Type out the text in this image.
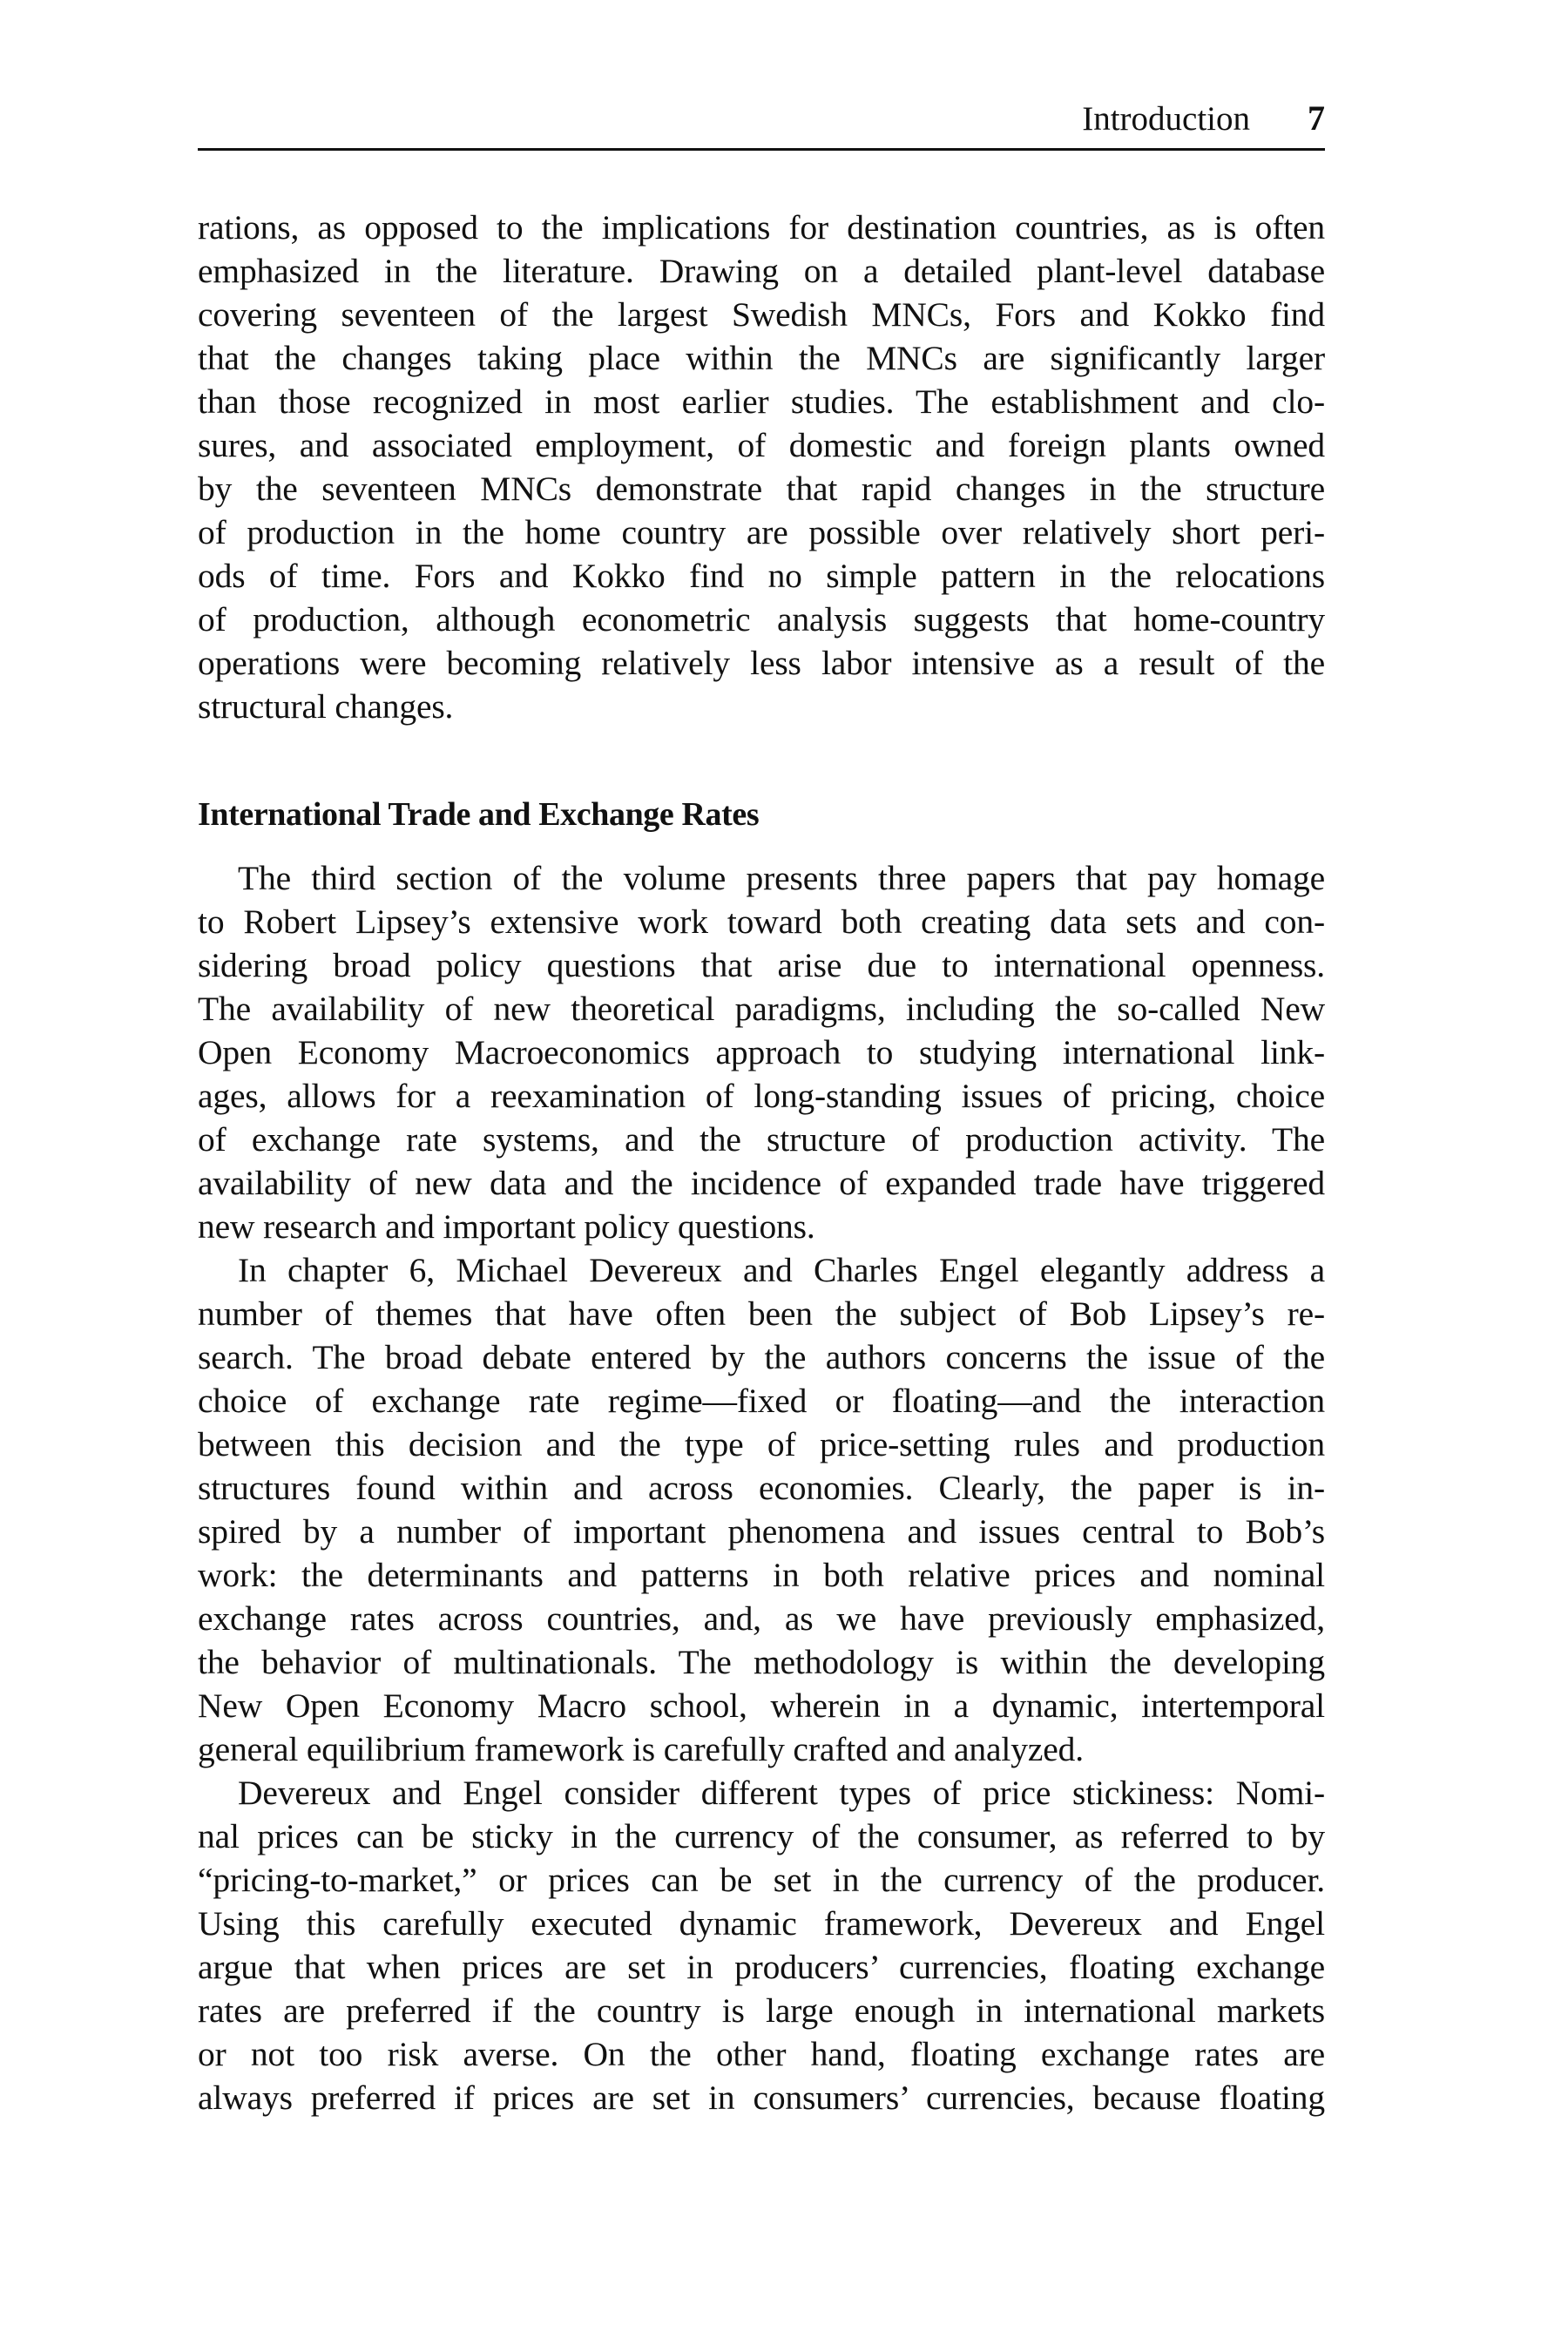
Introduction 7
rations, as opposed to the implications for destination countries, as is often
emphasized in the literature. Drawing on a detailed plant-level database
covering seventeen of the largest Swedish MNCs, Fors and Kokko find
that the changes taking place within the MNCs are significantly larger
than those recognized in most earlier studies. The establishment and clo-
sures, and associated employment, of domestic and foreign plants owned
by the seventeen MNCs demonstrate that rapid changes in the structure
of production in the home country are possible over relatively short peri-
ods of time. Fors and Kokko find no simple pattern in the relocations
of production, although econometric analysis suggests that home-country
operations were becoming relatively less labor intensive as a result of the
structural changes.
International Trade and Exchange Rates
The third section of the volume presents three papers that pay homage
to Robert Lipsey’s extensive work toward both creating data sets and con-
sidering broad policy questions that arise due to international openness.
The availability of new theoretical paradigms, including the so-called New
Open Economy Macroeconomics approach to studying international link-
ages, allows for a reexamination of long-standing issues of pricing, choice
of exchange rate systems, and the structure of production activity. The
availability of new data and the incidence of expanded trade have triggered
new research and important policy questions.
In chapter 6, Michael Devereux and Charles Engel elegantly address a
number of themes that have often been the subject of Bob Lipsey’s re-
search. The broad debate entered by the authors concerns the issue of the
choice of exchange rate regime—fixed or floating—and the interaction
between this decision and the type of price-setting rules and production
structures found within and across economies. Clearly, the paper is in-
spired by a number of important phenomena and issues central to Bob’s
work: the determinants and patterns in both relative prices and nominal
exchange rates across countries, and, as we have previously emphasized,
the behavior of multinationals. The methodology is within the developing
New Open Economy Macro school, wherein in a dynamic, intertemporal
general equilibrium framework is carefully crafted and analyzed.
Devereux and Engel consider different types of price stickiness: Nomi-
nal prices can be sticky in the currency of the consumer, as referred to by
“pricing-to-market,” or prices can be set in the currency of the producer.
Using this carefully executed dynamic framework, Devereux and Engel
argue that when prices are set in producers’ currencies, floating exchange
rates are preferred if the country is large enough in international markets
or not too risk averse. On the other hand, floating exchange rates are
always preferred if prices are set in consumers’ currencies, because floating
